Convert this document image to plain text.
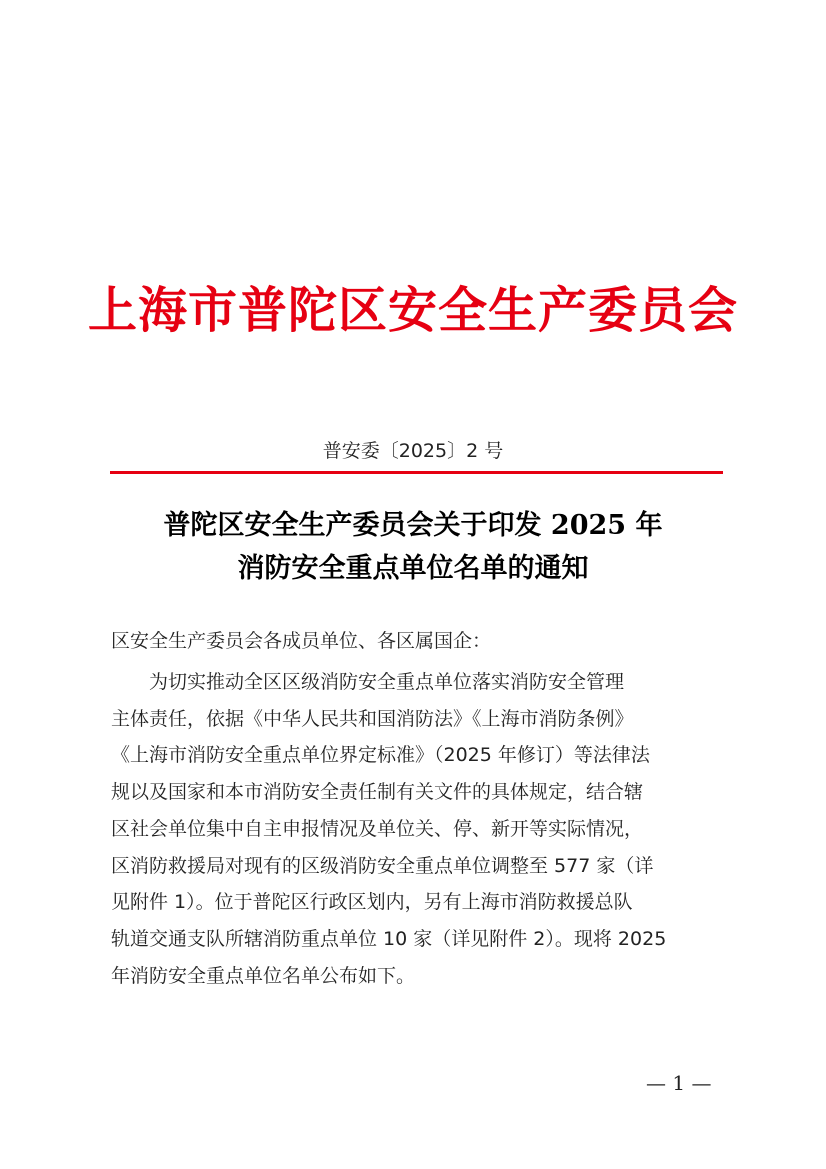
上海市普陀区安全生产委员会
普安委〔2025〕2 号
普陀区安全生产委员会关于印发 2025 年
消防安全重点单位名单的通知
区安全生产委员会各成员单位、各区属国企：
　　为切实推动全区区级消防安全重点单位落实消防安全管理
主体责任，依据《中华人民共和国消防法》《上海市消防条例》
《上海市消防安全重点单位界定标准》（2025 年修订）等法律法
规以及国家和本市消防安全责任制有关文件的具体规定，结合辖
区社会单位集中自主申报情况及单位关、停、新开等实际情况，
区消防救援局对现有的区级消防安全重点单位调整至 577 家（详
见附件 1）。位于普陀区行政区划内，另有上海市消防救援总队
轨道交通支队所辖消防重点单位 10 家（详见附件 2）。现将 2025
年消防安全重点单位名单公布如下。
— 1 —
